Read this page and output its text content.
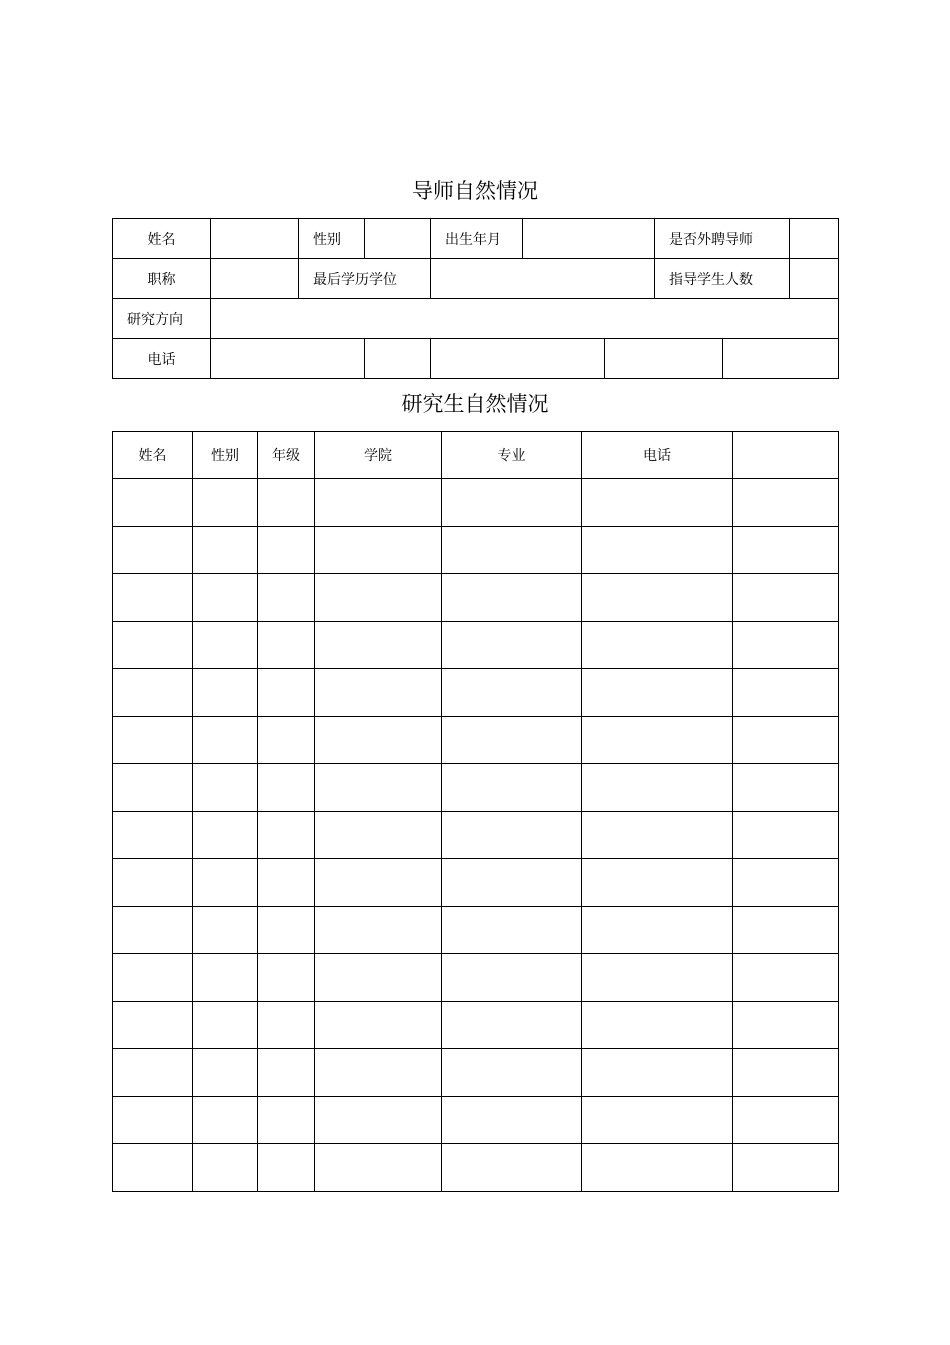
导师自然情况
姓名		性别		出生年月			是否外聘导师		
职称		最后学历学位					指导学生人数		
研究方向									
电话									
研究生自然情况
姓名	性别	年级	学院	专业	电话	
